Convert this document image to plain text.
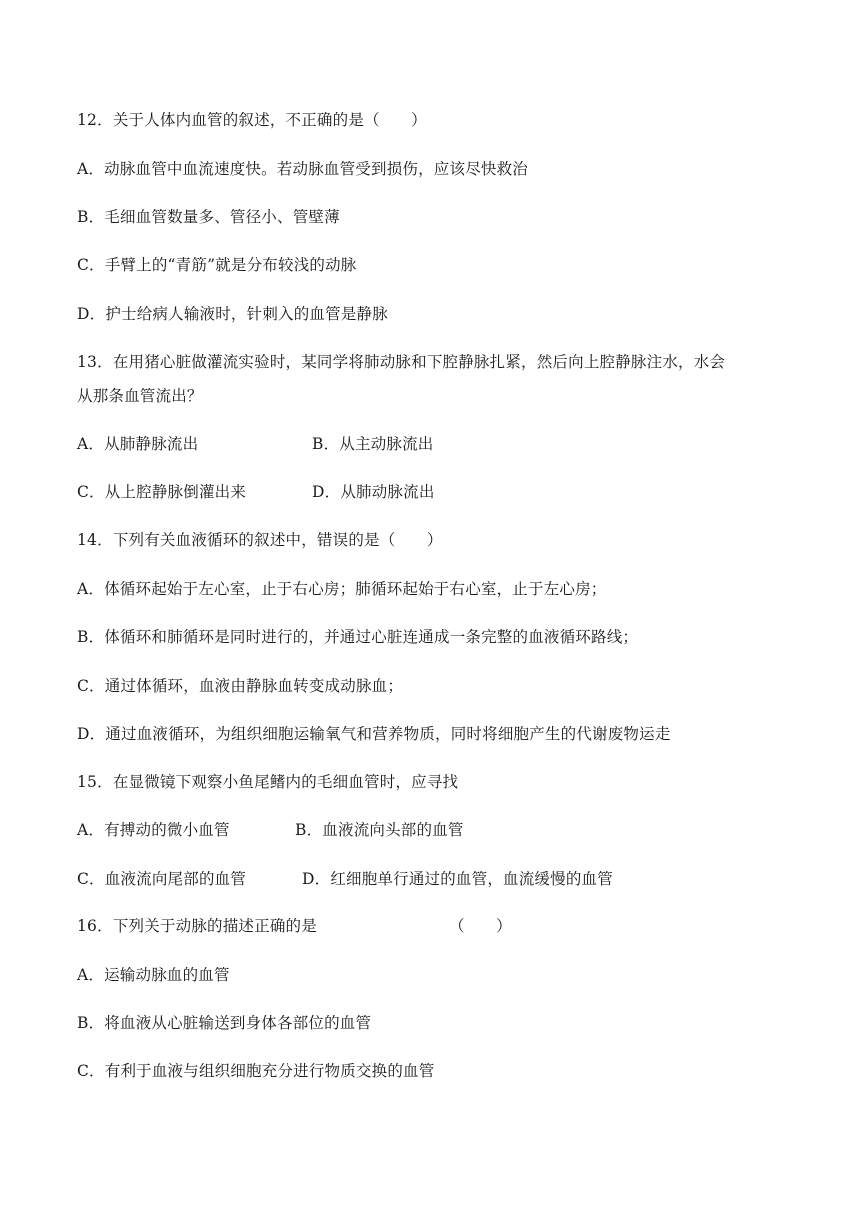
12．关于人体内血管的叙述，不正确的是（　　）
A．动脉血管中血流速度快。若动脉血管受到损伤，应该尽快救治
B．毛细血管数量多、管径小、管壁薄
C．手臂上的“青筋”就是分布较浅的动脉
D．护士给病人输液时，针刺入的血管是静脉
13．在用猪心脏做灌流实验时，某同学将肺动脉和下腔静脉扎紧，然后向上腔静脉注水，水会
从那条血管流出？
A．从肺静脉流出	B．从主动脉流出
C．从上腔静脉倒灌出来	D．从肺动脉流出
14．下列有关血液循环的叙述中，错误的是（　　）
A．体循环起始于左心室，止于右心房；肺循环起始于右心室，止于左心房；
B．体循环和肺循环是同时进行的，并通过心脏连通成一条完整的血液循环路线；
C．通过体循环，血液由静脉血转变成动脉血；
D．通过血液循环，为组织细胞运输氧气和营养物质，同时将细胞产生的代谢废物运走
15．在显微镜下观察小鱼尾鳍内的毛细血管时，应寻找
A．有搏动的微小血管	B．血液流向头部的血管
C．血液流向尾部的血管	D．红细胞单行通过的血管，血流缓慢的血管
16．下列关于动脉的描述正确的是	（　　）
A．运输动脉血的血管
B．将血液从心脏输送到身体各部位的血管
C．有利于血液与组织细胞充分进行物质交换的血管
